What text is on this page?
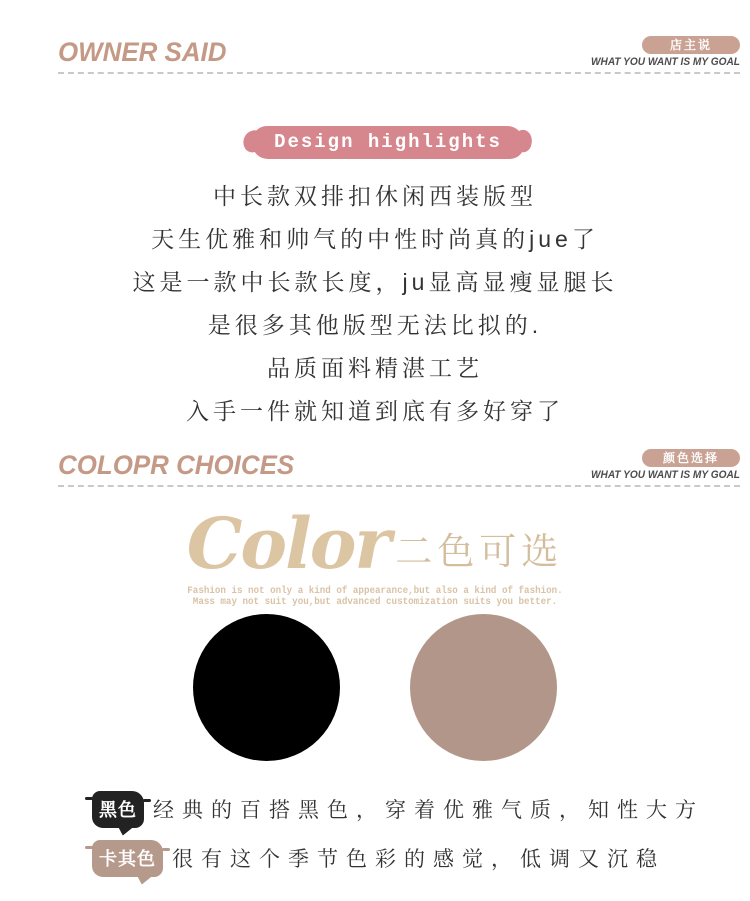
OWNER SAID	店主说
WHAT YOU WANT IS MY GOAL
Design highlights

中长款双排扣休闲西装版型

天生优雅和帅气的中性时尚真的jue了

这是一款中长款长度，ju显高显瘦显腿长

是很多其他版型无法比拟的.

品质面料精湛工艺

入手一件就知道到底有多好穿了

COLOPR CHOICES	颜色选择
WHAT YOU WANT IS MY GOAL
Color 二色可选
Fashion is not only a kind of appearance,but also a kind of fashion.
Mass may not suit you,but advanced customization suits you better.
黑色 经典的百搭黑色，穿着优雅气质，知性大方
卡其色 很有这个季节色彩的感觉，低调又沉稳
